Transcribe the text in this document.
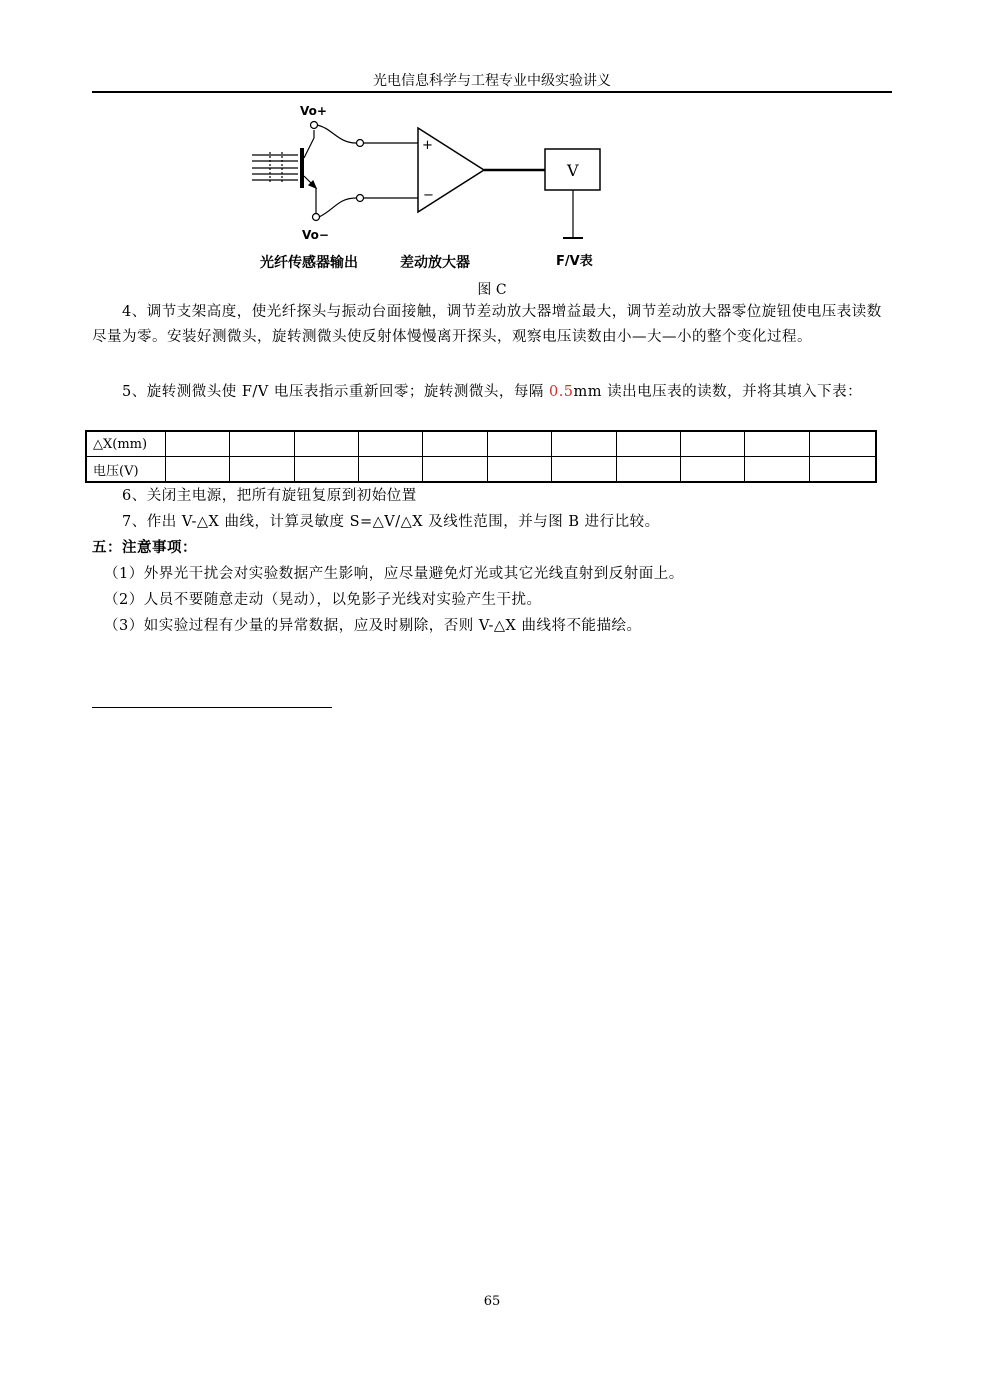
光电信息科学与工程专业中级实验讲义
Vo+
Vo−
+
−
V
光纤传感器输出	差动放大器	F/V表
图 C
4、调节支架高度，使光纤探头与振动台面接触，调节差动放大器增益最大，调节差动放大器零位旋钮使电压表读数尽量为零。安装好测微头，旋转测微头使反射体慢慢离开探头，观察电压读数由小—大—小的整个变化过程。
5、旋转测微头使 F/V 电压表指示重新回零；旋转测微头，每隔 0.5mm 读出电压表的读数，并将其填入下表：
△X(mm)											
电压(V)											
6、关闭主电源，把所有旋钮复原到初始位置
7、作出 V-△X 曲线，计算灵敏度 S=△V/△X 及线性范围，并与图 B 进行比较。
五：注意事项：
（1）外界光干扰会对实验数据产生影响，应尽量避免灯光或其它光线直射到反射面上。
（2）人员不要随意走动（晃动），以免影子光线对实验产生干扰。
（3）如实验过程有少量的异常数据，应及时剔除，否则 V-△X 曲线将不能描绘。
65
